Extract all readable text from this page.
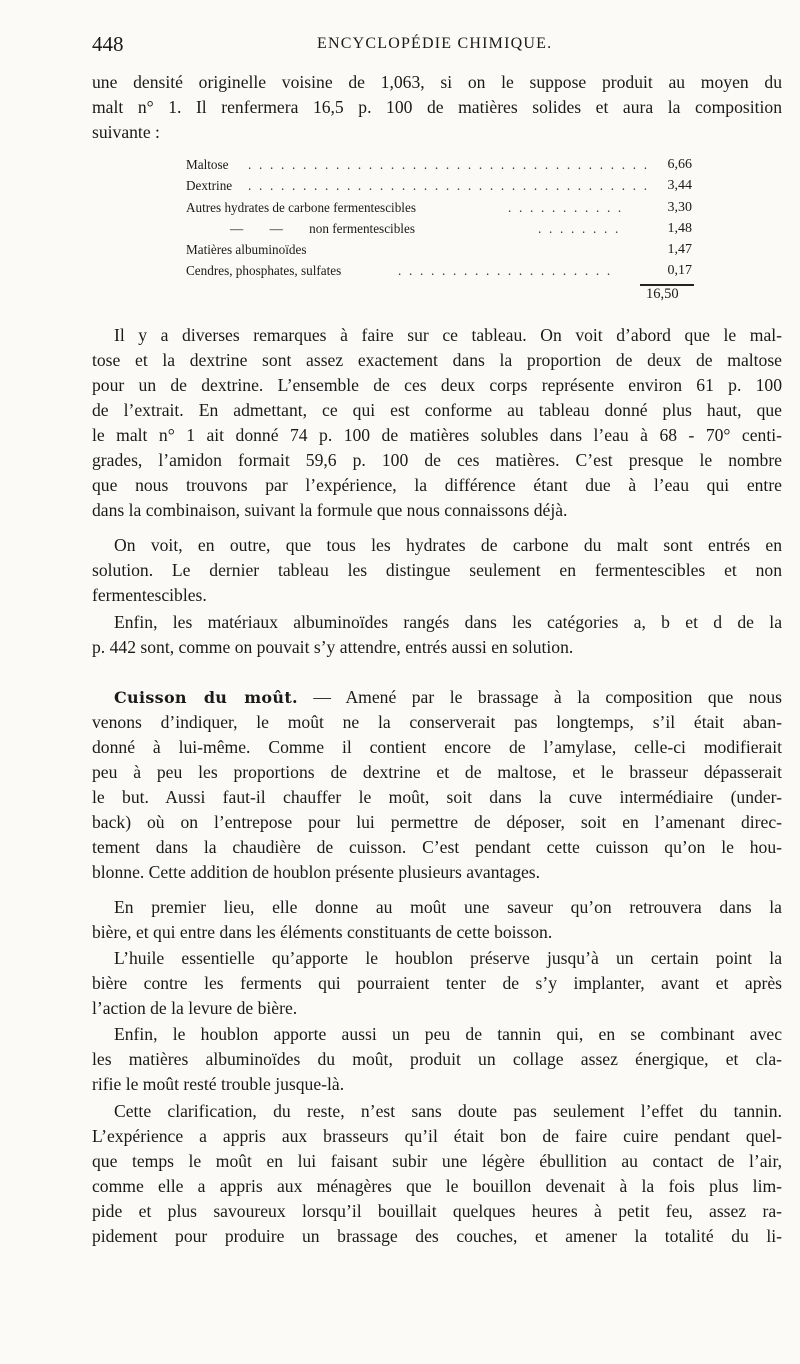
448	ENCYCLOPÉDIE CHIMIQUE.
une densité originelle voisine de 1,063, si on le suppose produit au moyen du
malt n° 1. Il renfermera 16,5 p. 100 de matières solides et aura la composition
suivante :
Maltose . . . . . . . . . . . . . . . . . . . . . . . . . . . . . . . . . . . . . 6,66
Dextrine . . . . . . . . . . . . . . . . . . . . . . . . . . . . . . . . . . . . . 3,44
Autres hydrates de carbone fermentescibles	. . . . . . . . . . .	3,30
—        —        non fermentescibles	. . . . . . . .	1,48
Matières albuminoïdes	1,47
Cendres, phosphates, sulfates	. . . . . . . . . . . . . . . . . . . .	0,17
16,50
Il y a diverses remarques à faire sur ce tableau. On voit d’abord que le mal-
tose et la dextrine sont assez exactement dans la proportion de deux de maltose
pour un de dextrine. L’ensemble de ces deux corps représente environ 61 p. 100
de l’extrait. En admettant, ce qui est conforme au tableau donné plus haut, que
le malt n° 1 ait donné 74 p. 100 de matières solubles dans l’eau à 68 - 70° centi-
grades, l’amidon formait 59,6 p. 100 de ces matières. C’est presque le nombre
que nous trouvons par l’expérience, la différence étant due à l’eau qui entre
dans la combinaison, suivant la formule que nous connaissons déjà.
On voit, en outre, que tous les hydrates de carbone du malt sont entrés en
solution. Le dernier tableau les distingue seulement en fermentescibles et non
fermentescibles.
Enfin, les matériaux albuminoïdes rangés dans les catégories a, b et d de la
p. 442 sont, comme on pouvait s’y attendre, entrés aussi en solution.
Cuisson du moût. — Amené par le brassage à la composition que nous
venons d’indiquer, le moût ne la conserverait pas longtemps, s’il était aban-
donné à lui-même. Comme il contient encore de l’amylase, celle-ci modifierait
peu à peu les proportions de dextrine et de maltose, et le brasseur dépasserait
le but. Aussi faut-il chauffer le moût, soit dans la cuve intermédiaire (under-
back) où on l’entrepose pour lui permettre de déposer, soit en l’amenant direc-
tement dans la chaudière de cuisson. C’est pendant cette cuisson qu’on le hou-
blonne. Cette addition de houblon présente plusieurs avantages.
En premier lieu, elle donne au moût une saveur qu’on retrouvera dans la
bière, et qui entre dans les éléments constituants de cette boisson.
L’huile essentielle qu’apporte le houblon préserve jusqu’à un certain point la
bière contre les ferments qui pourraient tenter de s’y implanter, avant et après
l’action de la levure de bière.
Enfin, le houblon apporte aussi un peu de tannin qui, en se combinant avec
les matières albuminoïdes du moût, produit un collage assez énergique, et cla-
rifie le moût resté trouble jusque-là.
Cette clarification, du reste, n’est sans doute pas seulement l’effet du tannin.
L’expérience a appris aux brasseurs qu’il était bon de faire cuire pendant quel-
que temps le moût en lui faisant subir une légère ébullition au contact de l’air,
comme elle a appris aux ménagères que le bouillon devenait à la fois plus lim-
pide et plus savoureux lorsqu’il bouillait quelques heures à petit feu, assez ra-
pidement pour produire un brassage des couches, et amener la totalité du li-
